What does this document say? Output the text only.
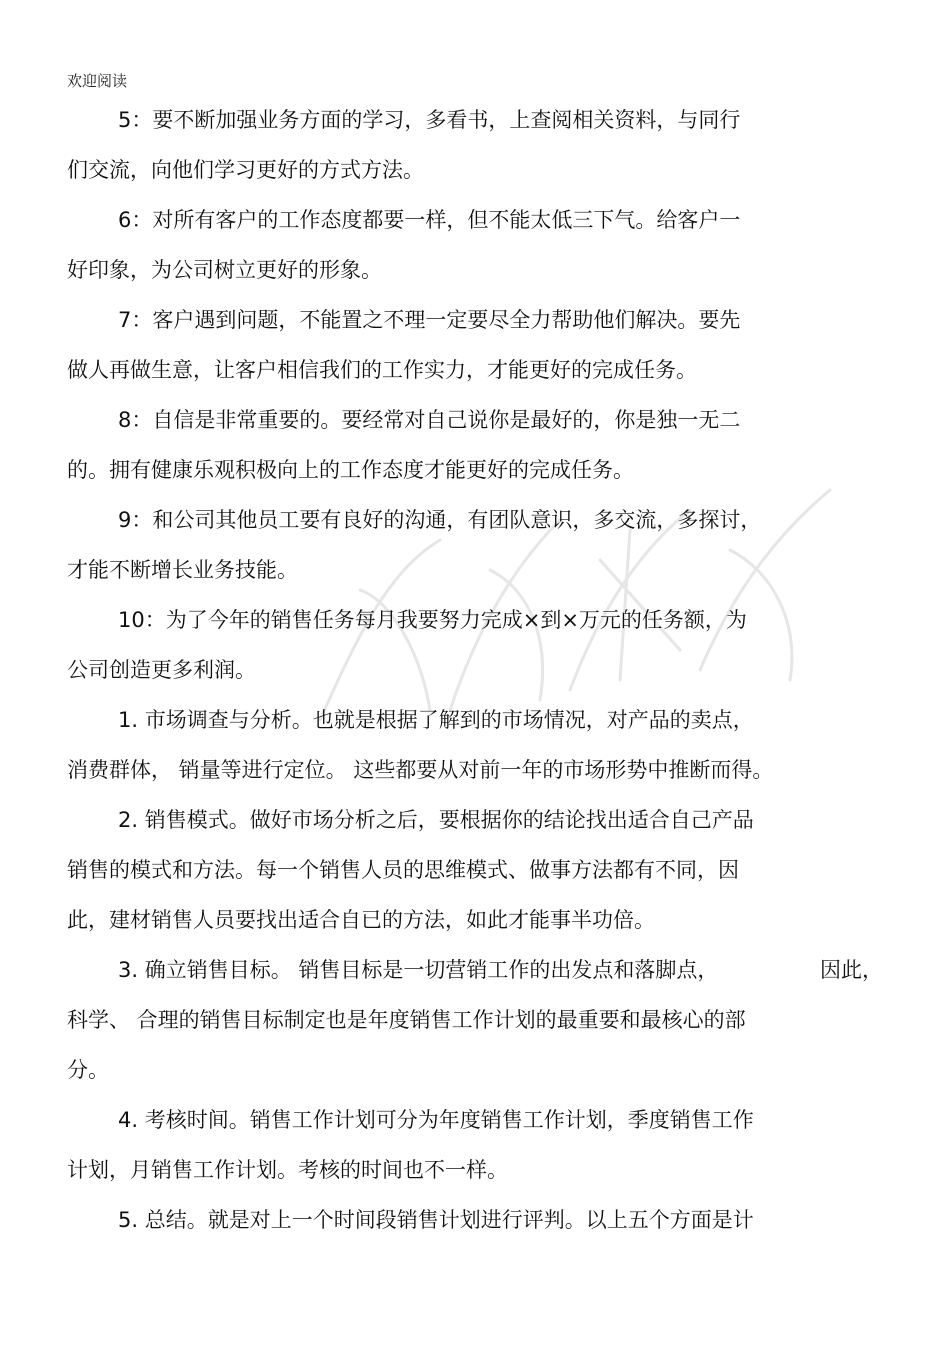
欢迎阅读
5：要不断加强业务方面的学习，多看书，上查阅相关资料，与同行
们交流，向他们学习更好的方式方法。
6：对所有客户的工作态度都要一样，但不能太低三下气。给客户一
好印象，为公司树立更好的形象。
7：客户遇到问题，不能置之不理一定要尽全力帮助他们解决。要先
做人再做生意，让客户相信我们的工作实力，才能更好的完成任务。
8：自信是非常重要的。要经常对自己说你是最好的，你是独一无二
的。拥有健康乐观积极向上的工作态度才能更好的完成任务。
9：和公司其他员工要有良好的沟通，有团队意识，多交流，多探讨，
才能不断增长业务技能。
10：为了今年的销售任务每月我要努力完成×到×万元的任务额，为
公司创造更多利润。
1. 市场调查与分析。也就是根据了解到的市场情况，对产品的卖点，
消费群体， 销量等进行定位。 这些都要从对前一年的市场形势中推断而得。
2. 销售模式。做好市场分析之后，要根据你的结论找出适合自己产品
销售的模式和方法。每一个销售人员的思维模式、做事方法都有不同，因
此，建材销售人员要找出适合自已的方法，如此才能事半功倍。
3. 确立销售目标。 销售目标是一切营销工作的出发点和落脚点，	因此，
科学、 合理的销售目标制定也是年度销售工作计划的最重要和最核心的部
分。
4. 考核时间。销售工作计划可分为年度销售工作计划，季度销售工作
计划，月销售工作计划。考核的时间也不一样。
5. 总结。就是对上一个时间段销售计划进行评判。以上五个方面是计
